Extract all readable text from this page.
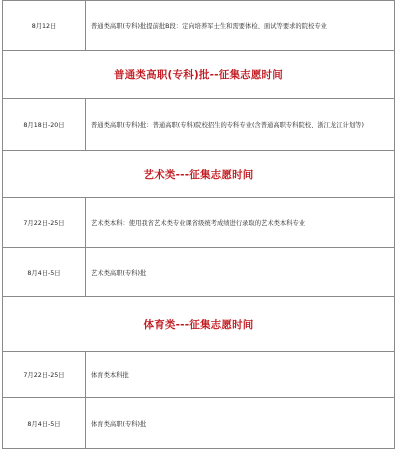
8月12日	普通类高职(专科)批提前批B段：定向培养军士生和需要体检、面试等要求的院校专业
普通类高职(专科)批--征集志愿时间
8月18日-20日	普通类高职(专科)批：普通高职(专科)院校招生的专科专业(含普通高职专科院校、浙江龙江计划等)
艺术类---征集志愿时间
7月22日-25日	艺术类本科：使用我省艺术类专业课省级统考成绩进行录取的艺术类本科专业
8月4日-5日	艺术类高职(专科)批
体育类---征集志愿时间
7月22日-25日	体育类本科批
8月4日-5日	体育类高职(专科)批
